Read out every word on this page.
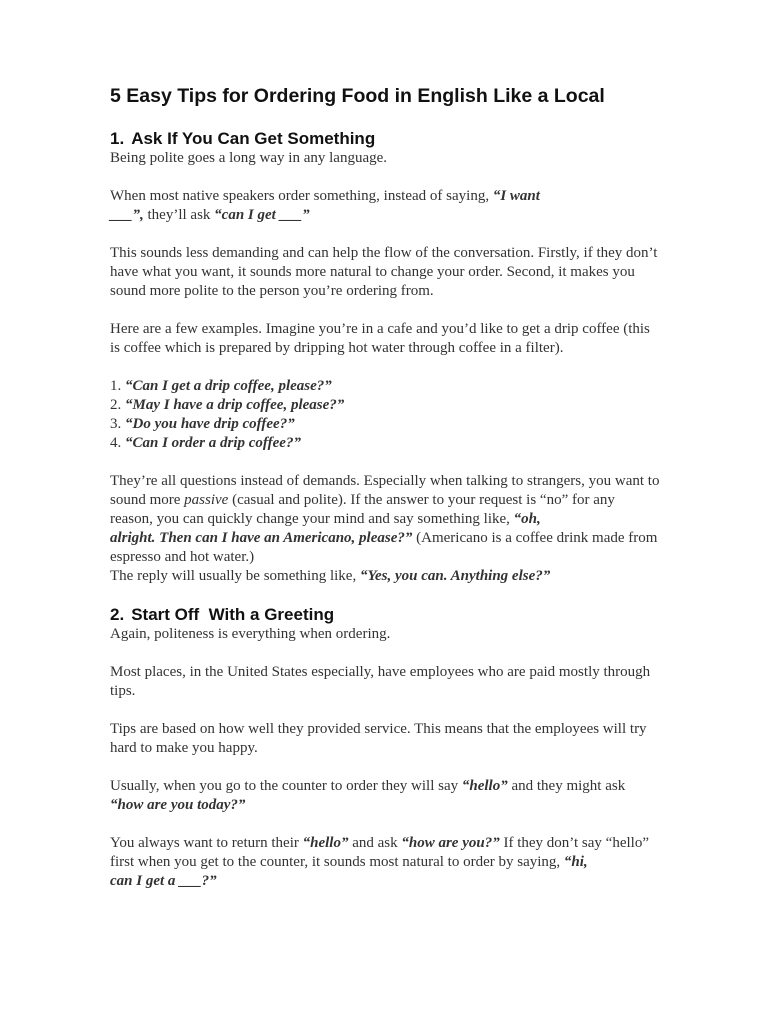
5 Easy Tips for Ordering Food in English Like a Local
1. Ask If You Can Get Something

Being polite goes a long way in any language.

When most native speakers order something, instead of saying, “I want
___”, they’ll ask “can I get ___”

This sounds less demanding and can help the flow of the conversation. Firstly, if they don’t have what you want, it sounds more natural to change your order. Second, it makes you sound more polite to the person you’re ordering from.

Here are a few examples. Imagine you’re in a cafe and you’d like to get a drip coffee (this is coffee which is prepared by dripping hot water through coffee in a filter).

1. “Can I get a drip coffee, please?”
2. “May I have a drip coffee, please?”
3. “Do you have drip coffee?”
4. “Can I order a drip coffee?”

They’re all questions instead of demands. Especially when talking to strangers, you want to sound more passive (casual and polite). If the answer to your request is “no” for any reason, you can quickly change your mind and say something like, “oh,
alright. Then can I have an Americano, please?” (Americano is a coffee drink made from espresso and hot water.)

The reply will usually be something like, “Yes, you can. Anything else?”

2. Start Off  With a Greeting

Again, politeness is everything when ordering.

Most places, in the United States especially, have employees who are paid mostly through tips.

Tips are based on how well they provided service. This means that the employees will try hard to make you happy.

Usually, when you go to the counter to order they will say “hello” and they might ask “how are you today?”

You always want to return their “hello” and ask “how are you?” If they don’t say “hello” first when you get to the counter, it sounds most natural to order by saying, “hi,
can I get a ___?”
